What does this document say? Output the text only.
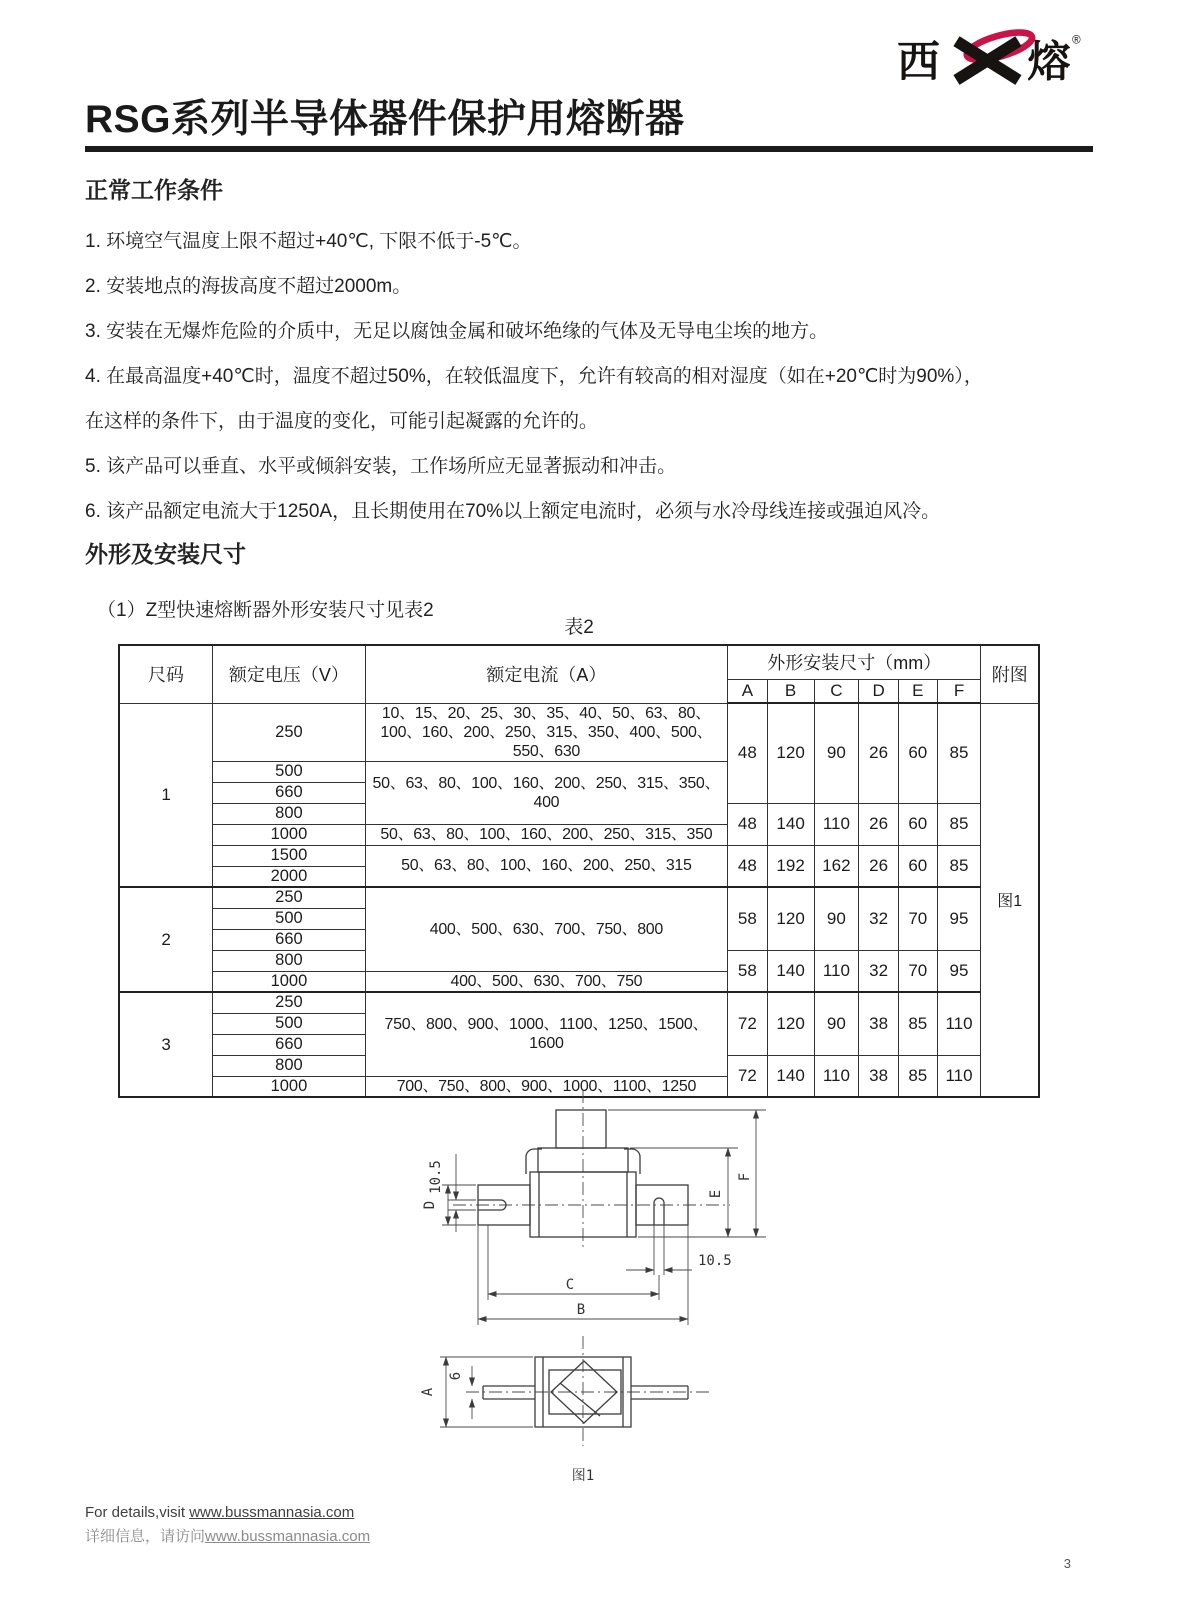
西 熔 ®
RSG系列半导体器件保护用熔断器
正常工作条件

1. 环境空气温度上限不超过+40℃, 下限不低于-5℃。

2. 安装地点的海拔高度不超过2000m。

3. 安装在无爆炸危险的介质中，无足以腐蚀金属和破坏绝缘的气体及无导电尘埃的地方。

4. 在最高温度+40℃时，温度不超过50%，在较低温度下，允许有较高的相对湿度（如在+20℃时为90%），

在这样的条件下，由于温度的变化，可能引起凝露的允许的。

5. 该产品可以垂直、水平或倾斜安装，工作场所应无显著振动和冲击。

6. 该产品额定电流大于1250A，且长期使用在70%以上额定电流时，必须与水冷母线连接或强迫风冷。

外形及安装尺寸

（1）Z型快速熔断器外形安装尺寸见表2

表2
尺码	额定电压（V）	额定电流（A）	外形安装尺寸（mm）						附图
			A	B	C	D	E	F	
1	250	10、15、20、25、30、35、40、50、63、80、100、160、200、250、315、350、400、500、550、630	48	120	90	26	60	85	图1
	500	50、63、80、100、160、200、250、315、350、400							
	660								
	800		48	140	110	26	60	85	
	1000	50、63、80、100、160、200、250、315、350							
	1500	50、63、80、100、160、200、250、315	48	192	162	26	60	85	
	2000								
2	250	400、500、630、700、750、800	58	120	90	32	70	95	
	500								
	660								
	800		58	140	110	32	70	95	
	1000	400、500、630、700、750							
3	250	750、800、900、1000、1100、1250、1500、1600	72	120	90	38	85	110	
	500								
	660								
	800		72	140	110	38	85	110	
	1000	700、750、800、900、1000、1100、1250							
10.5
D
E
F
10.5
C
B
A
6
图1

For details,visit www.bussmannasia.com

详细信息，请访问www.bussmannasia.com

3
